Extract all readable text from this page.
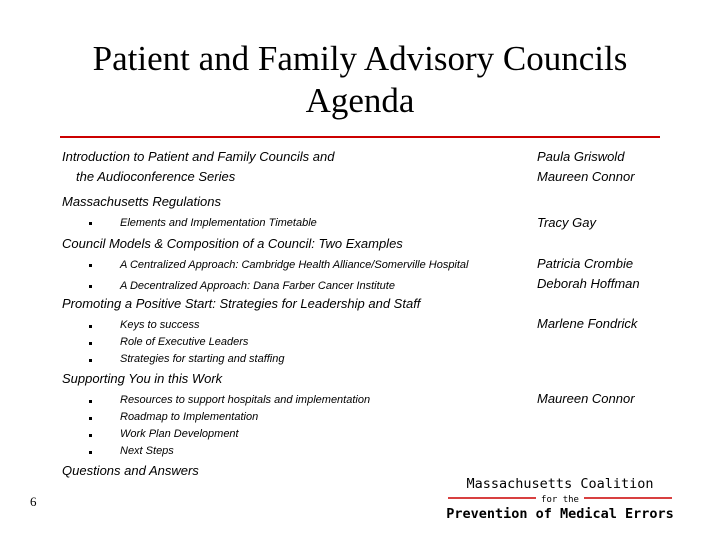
Patient and Family Advisory Councils
Agenda
Introduction to Patient and Family Councils and
the Audioconference Series
Paula Griswold
Maureen Connor
Massachusetts Regulations
Elements and Implementation Timetable	Tracy Gay
Council Models & Composition of a Council: Two Examples
A Centralized Approach: Cambridge Health Alliance/Somerville Hospital
A Decentralized Approach: Dana Farber Cancer Institute
Patricia Crombie
Deborah Hoffman
Promoting a Positive Start: Strategies for Leadership and Staff
Keys to success
Role of Executive Leaders
Strategies for starting and staffing
Marlene Fondrick
Supporting You in this Work
Resources to support hospitals and implementation
Roadmap to Implementation
Work Plan Development
Next Steps
Maureen Connor
Questions and Answers
6
Massachusetts Coalition
for the
Prevention of Medical Errors
